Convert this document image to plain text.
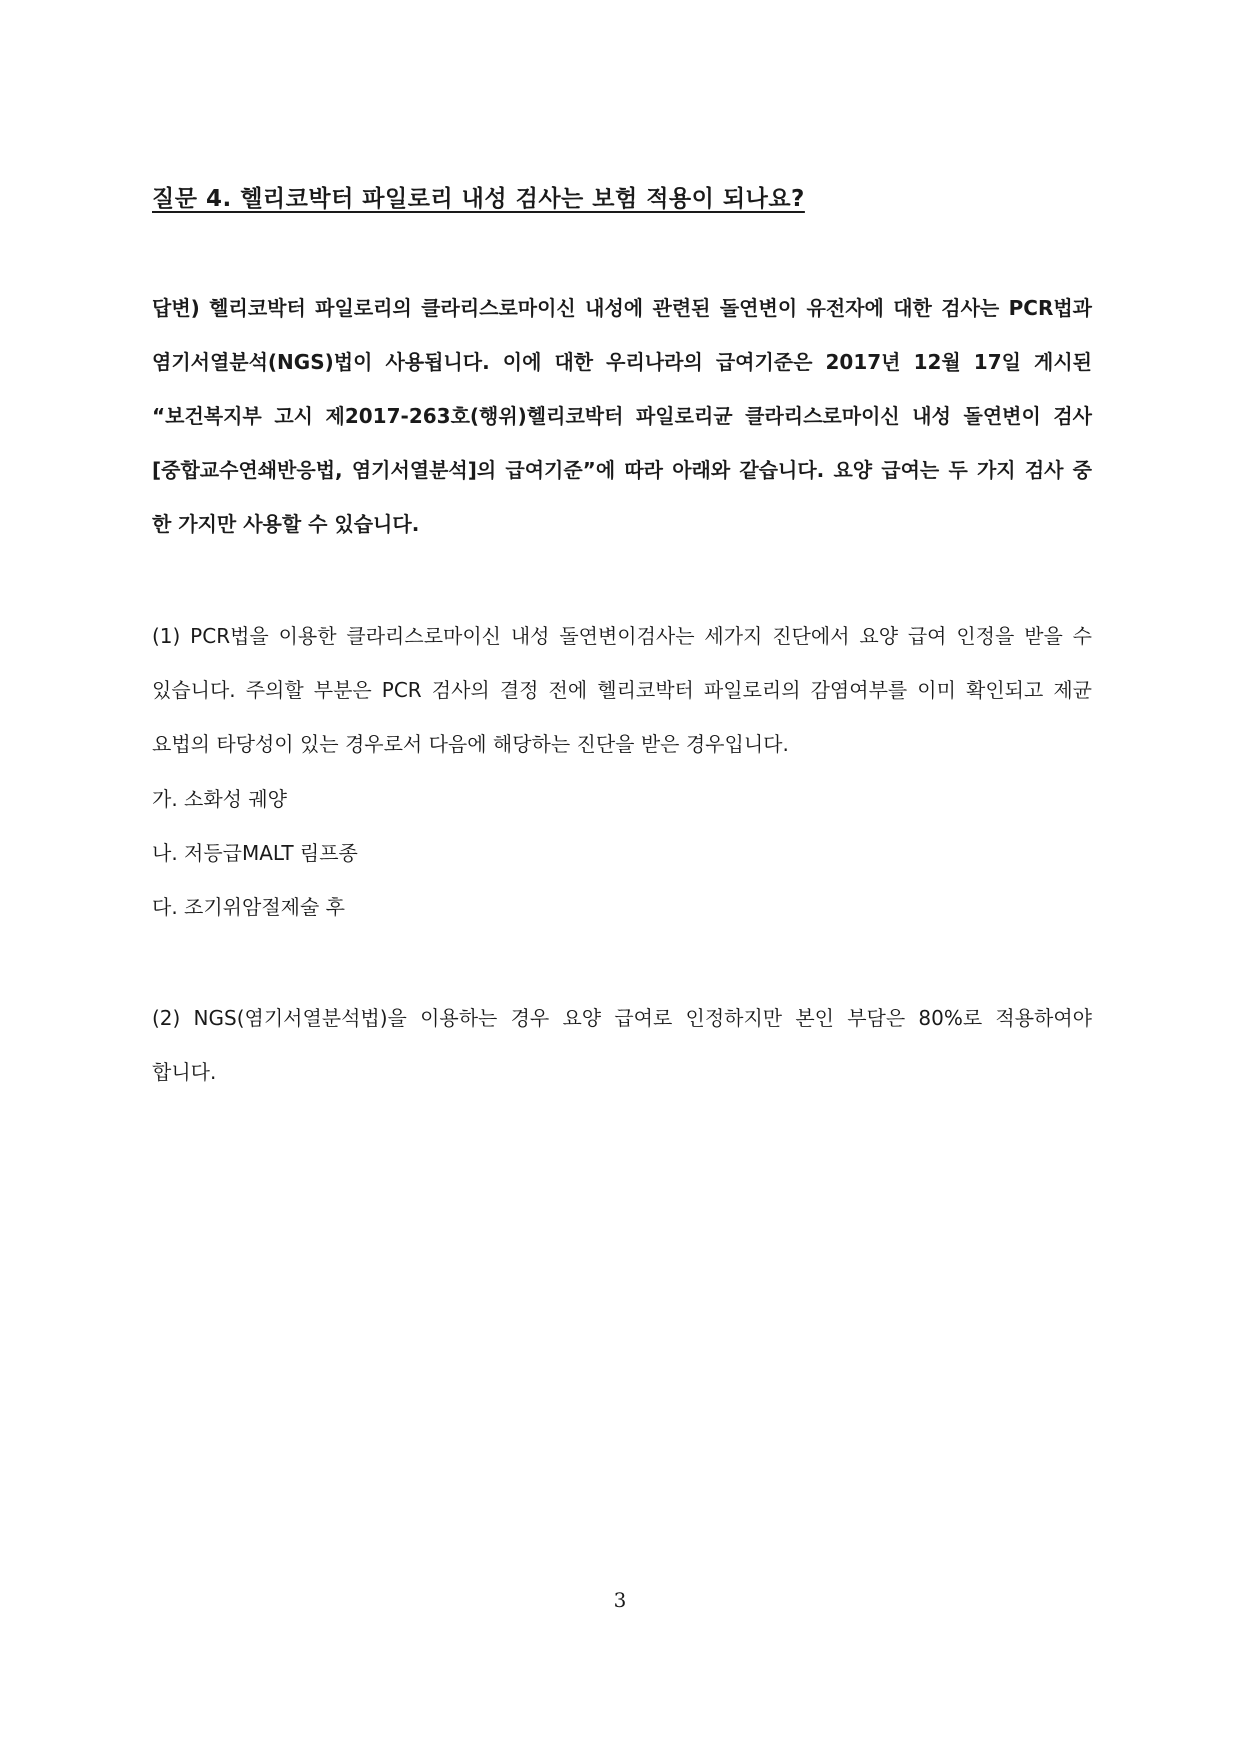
질문 4. 헬리코박터 파일로리 내성 검사는 보험 적용이 되나요?

답변) 헬리코박터 파일로리의 클라리스로마이신 내성에 관련된 돌연변이 유전자에 대한 검사는 PCR법과 염기서열분석(NGS)법이 사용됩니다. 이에 대한 우리나라의 급여기준은 2017년 12월 17일 게시된 “보건복지부 고시 제2017-263호(행위)헬리코박터 파일로리균 클라리스로마이신 내성 돌연변이 검사[중합교수연쇄반응법, 염기서열분석]의 급여기준”에 따라 아래와 같습니다. 요양 급여는 두 가지 검사 중 한 가지만 사용할 수 있습니다.

(1) PCR법을 이용한 클라리스로마이신 내성 돌연변이검사는 세가지 진단에서 요양 급여 인정을 받을 수 있습니다. 주의할 부분은 PCR 검사의 결정 전에 헬리코박터 파일로리의 감염여부를 이미 확인되고 제균 요법의 타당성이 있는 경우로서 다음에 해당하는 진단을 받은 경우입니다.

가. 소화성 궤양
나. 저등급MALT 림프종
다. 조기위암절제술 후

(2) NGS(염기서열분석법)을 이용하는 경우 요양 급여로 인정하지만 본인 부담은 80%로 적용하여야 합니다.

3
